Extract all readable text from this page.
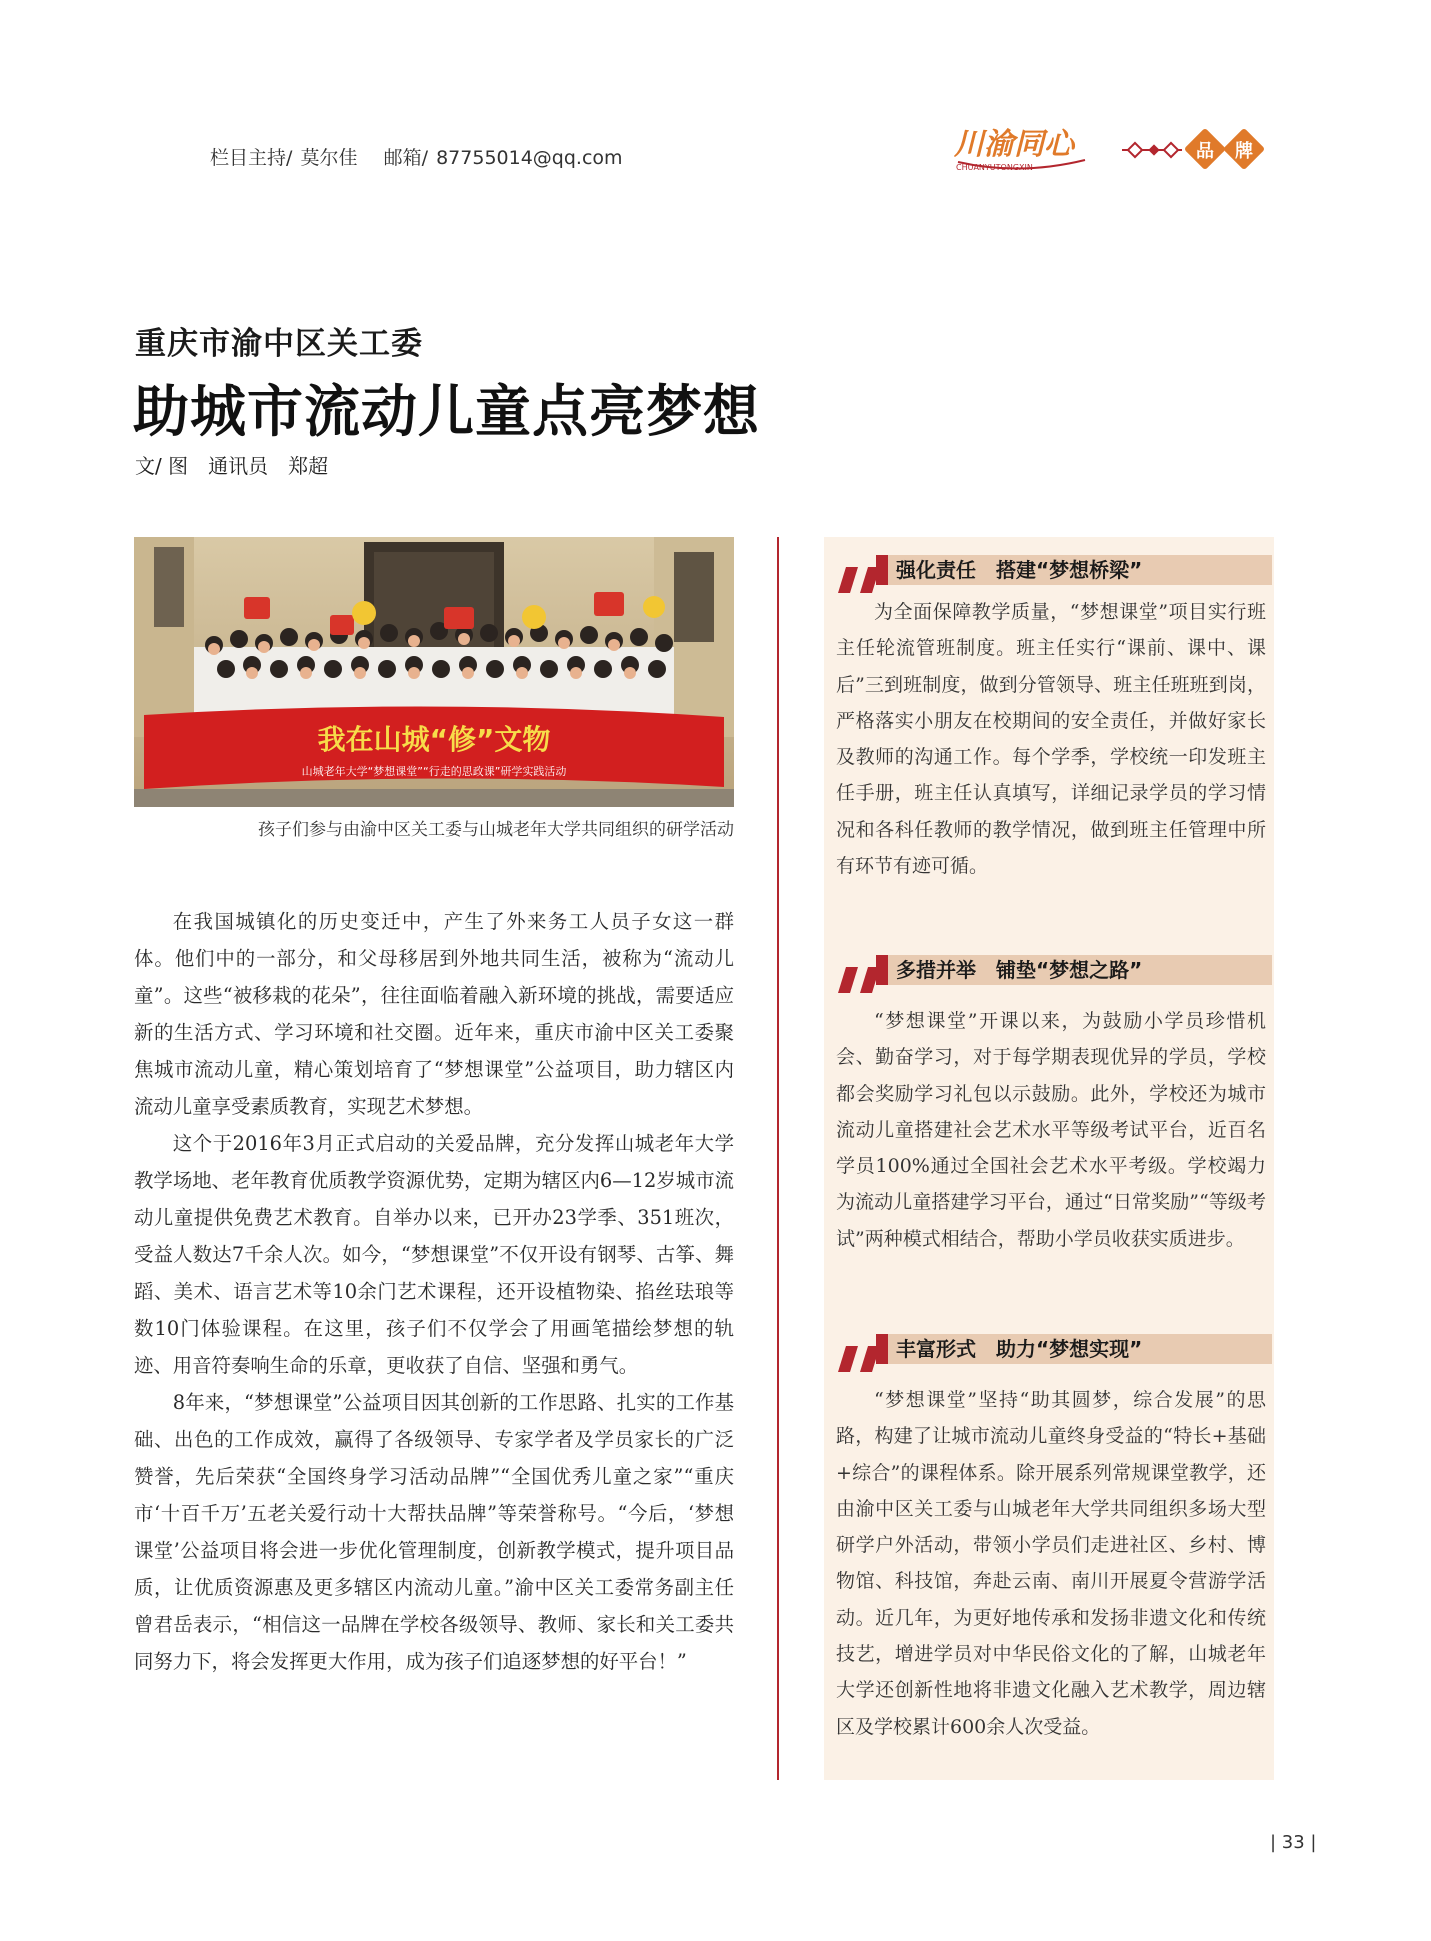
栏目主持/ 莫尔佳 邮箱/ 87755014@qq.com	川渝同心
CHUANYUTONGXIN
品 牌
重庆市渝中区关工委
助城市流动儿童点亮梦想
文/ 图　通讯员　郑超
我在山城“修”文物
山城老年大学“梦想课堂”“行走的思政课”研学实践活动
孩子们参与由渝中区关工委与山城老年大学共同组织的研学活动

在我国城镇化的历史变迁中，产生了外来务工人员子女这一群体。他们中的一部分，和父母移居到外地共同生活，被称为“流动儿童”。这些“被移栽的花朵”，往往面临着融入新环境的挑战，需要适应新的生活方式、学习环境和社交圈。近年来，重庆市渝中区关工委聚焦城市流动儿童，精心策划培育了“梦想课堂”公益项目，助力辖区内流动儿童享受素质教育，实现艺术梦想。

这个于2016年3月正式启动的关爱品牌，充分发挥山城老年大学教学场地、老年教育优质教学资源优势，定期为辖区内6—12岁城市流动儿童提供免费艺术教育。自举办以来，已开办23学季、351班次，受益人数达7千余人次。如今，“梦想课堂”不仅开设有钢琴、古筝、舞蹈、美术、语言艺术等10余门艺术课程，还开设植物染、掐丝珐琅等数10门体验课程。在这里，孩子们不仅学会了用画笔描绘梦想的轨迹、用音符奏响生命的乐章，更收获了自信、坚强和勇气。

8年来，“梦想课堂”公益项目因其创新的工作思路、扎实的工作基础、出色的工作成效，赢得了各级领导、专家学者及学员家长的广泛赞誉，先后荣获“全国终身学习活动品牌”“全国优秀儿童之家”“重庆市‘十百千万’五老关爱行动十大帮扶品牌”等荣誉称号。“今后，‘梦想课堂’公益项目将会进一步优化管理制度，创新教学模式，提升项目品质，让优质资源惠及更多辖区内流动儿童。”渝中区关工委常务副主任曾君岳表示，“相信这一品牌在学校各级领导、教师、家长和关工委共同努力下，将会发挥更大作用，成为孩子们追逐梦想的好平台！”

强化责任　搭建“梦想桥梁”

为全面保障教学质量，“梦想课堂”项目实行班主任轮流管班制度。班主任实行“课前、课中、课后”三到班制度，做到分管领导、班主任班班到岗，严格落实小朋友在校期间的安全责任，并做好家长及教师的沟通工作。每个学季，学校统一印发班主任手册，班主任认真填写，详细记录学员的学习情况和各科任教师的教学情况，做到班主任管理中所有环节有迹可循。

多措并举　铺垫“梦想之路”

“梦想课堂”开课以来，为鼓励小学员珍惜机会、勤奋学习，对于每学期表现优异的学员，学校都会奖励学习礼包以示鼓励。此外，学校还为城市流动儿童搭建社会艺术水平等级考试平台，近百名学员100%通过全国社会艺术水平考级。学校竭力为流动儿童搭建学习平台，通过“日常奖励”“等级考试”两种模式相结合，帮助小学员收获实质进步。

丰富形式　助力“梦想实现”

“梦想课堂”坚持“助其圆梦，综合发展”的思路，构建了让城市流动儿童终身受益的“特长+基础+综合”的课程体系。除开展系列常规课堂教学，还由渝中区关工委与山城老年大学共同组织多场大型研学户外活动，带领小学员们走进社区、乡村、博物馆、科技馆，奔赴云南、南川开展夏令营游学活动。近几年，为更好地传承和发扬非遗文化和传统技艺，增进学员对中华民俗文化的了解，山城老年大学还创新性地将非遗文化融入艺术教学，周边辖区及学校累计600余人次受益。

| 33 |
